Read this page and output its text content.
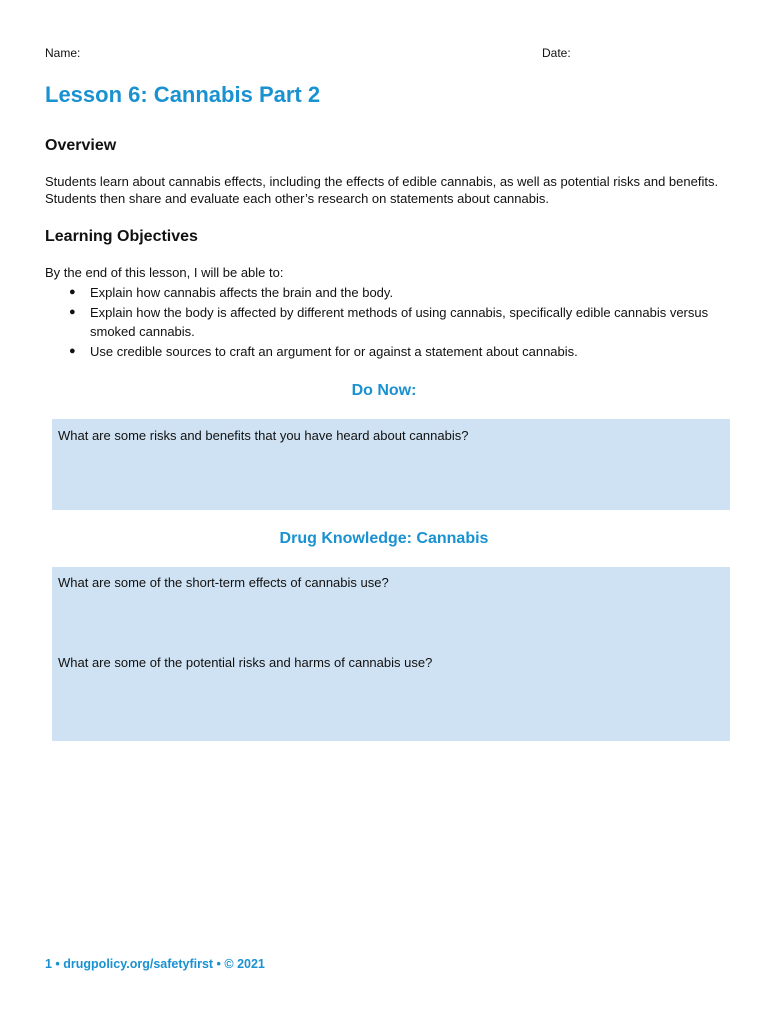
Name:	Date:
Lesson 6: Cannabis Part 2
Overview

Students learn about cannabis effects, including the effects of edible cannabis, as well as potential risks and benefits. Students then share and evaluate each other’s research on statements about cannabis.

Learning Objectives

By the end of this lesson, I will be able to:

● Explain how cannabis affects the brain and the body.
● Explain how the body is affected by different methods of using cannabis, specifically edible cannabis versus smoked cannabis.
● Use credible sources to craft an argument for or against a statement about cannabis.
Do Now:

What are some risks and benefits that you have heard about cannabis?

Drug Knowledge: Cannabis

What are some of the short-term effects of cannabis use?

What are some of the potential risks and harms of cannabis use?

1 • drugpolicy.org/safetyfirst • © 2021
